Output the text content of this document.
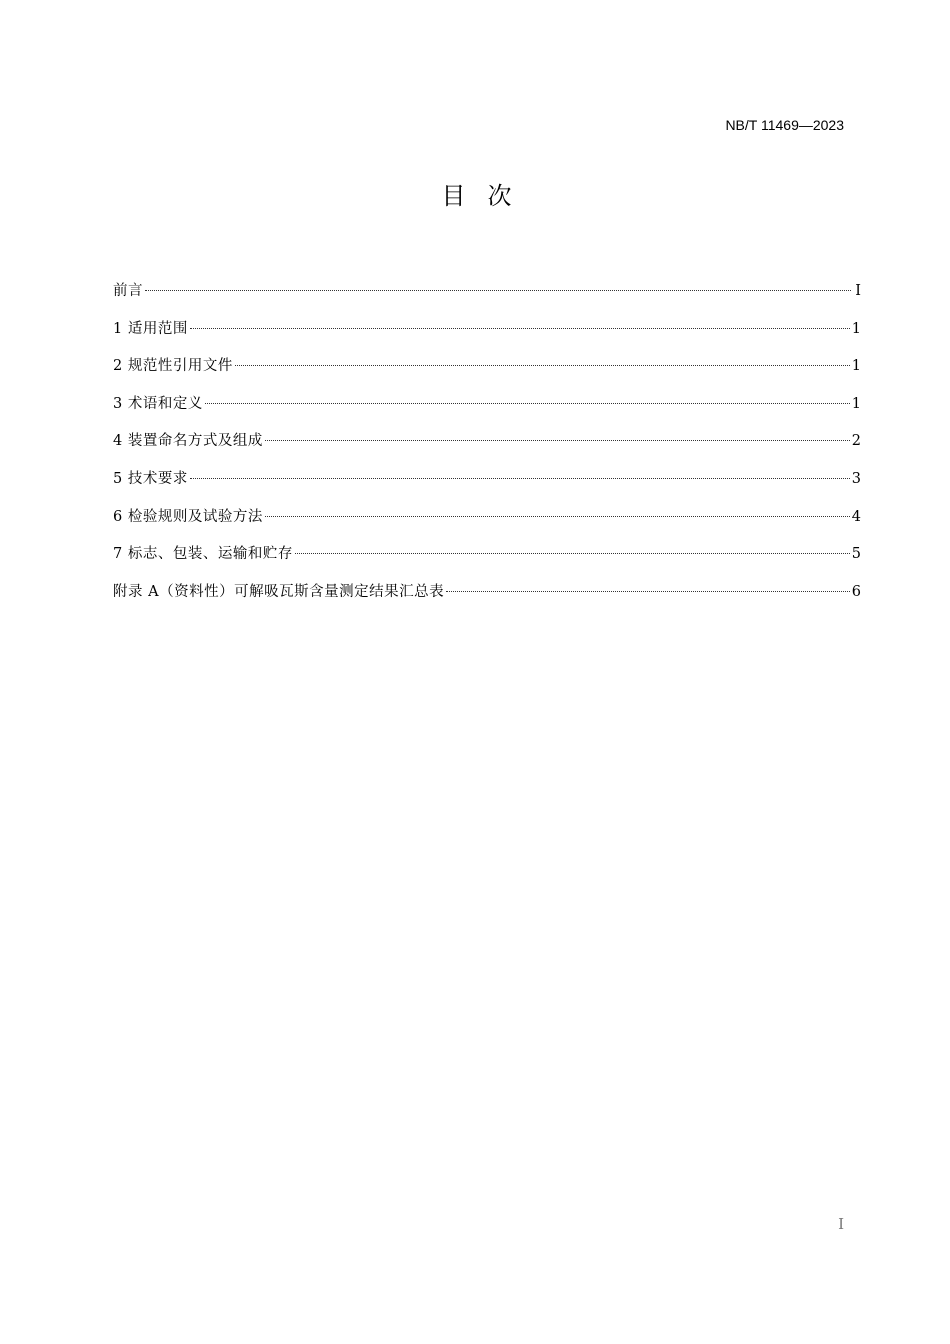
NB/T 11469—2023
目次
前言	I
1 适用范围	1
2 规范性引用文件	1
3 术语和定义	1
4 装置命名方式及组成	2
5 技术要求	3
6 检验规则及试验方法	4
7 标志、包装、运输和贮存	5
附录 A（资料性）可解吸瓦斯含量测定结果汇总表	6
I
